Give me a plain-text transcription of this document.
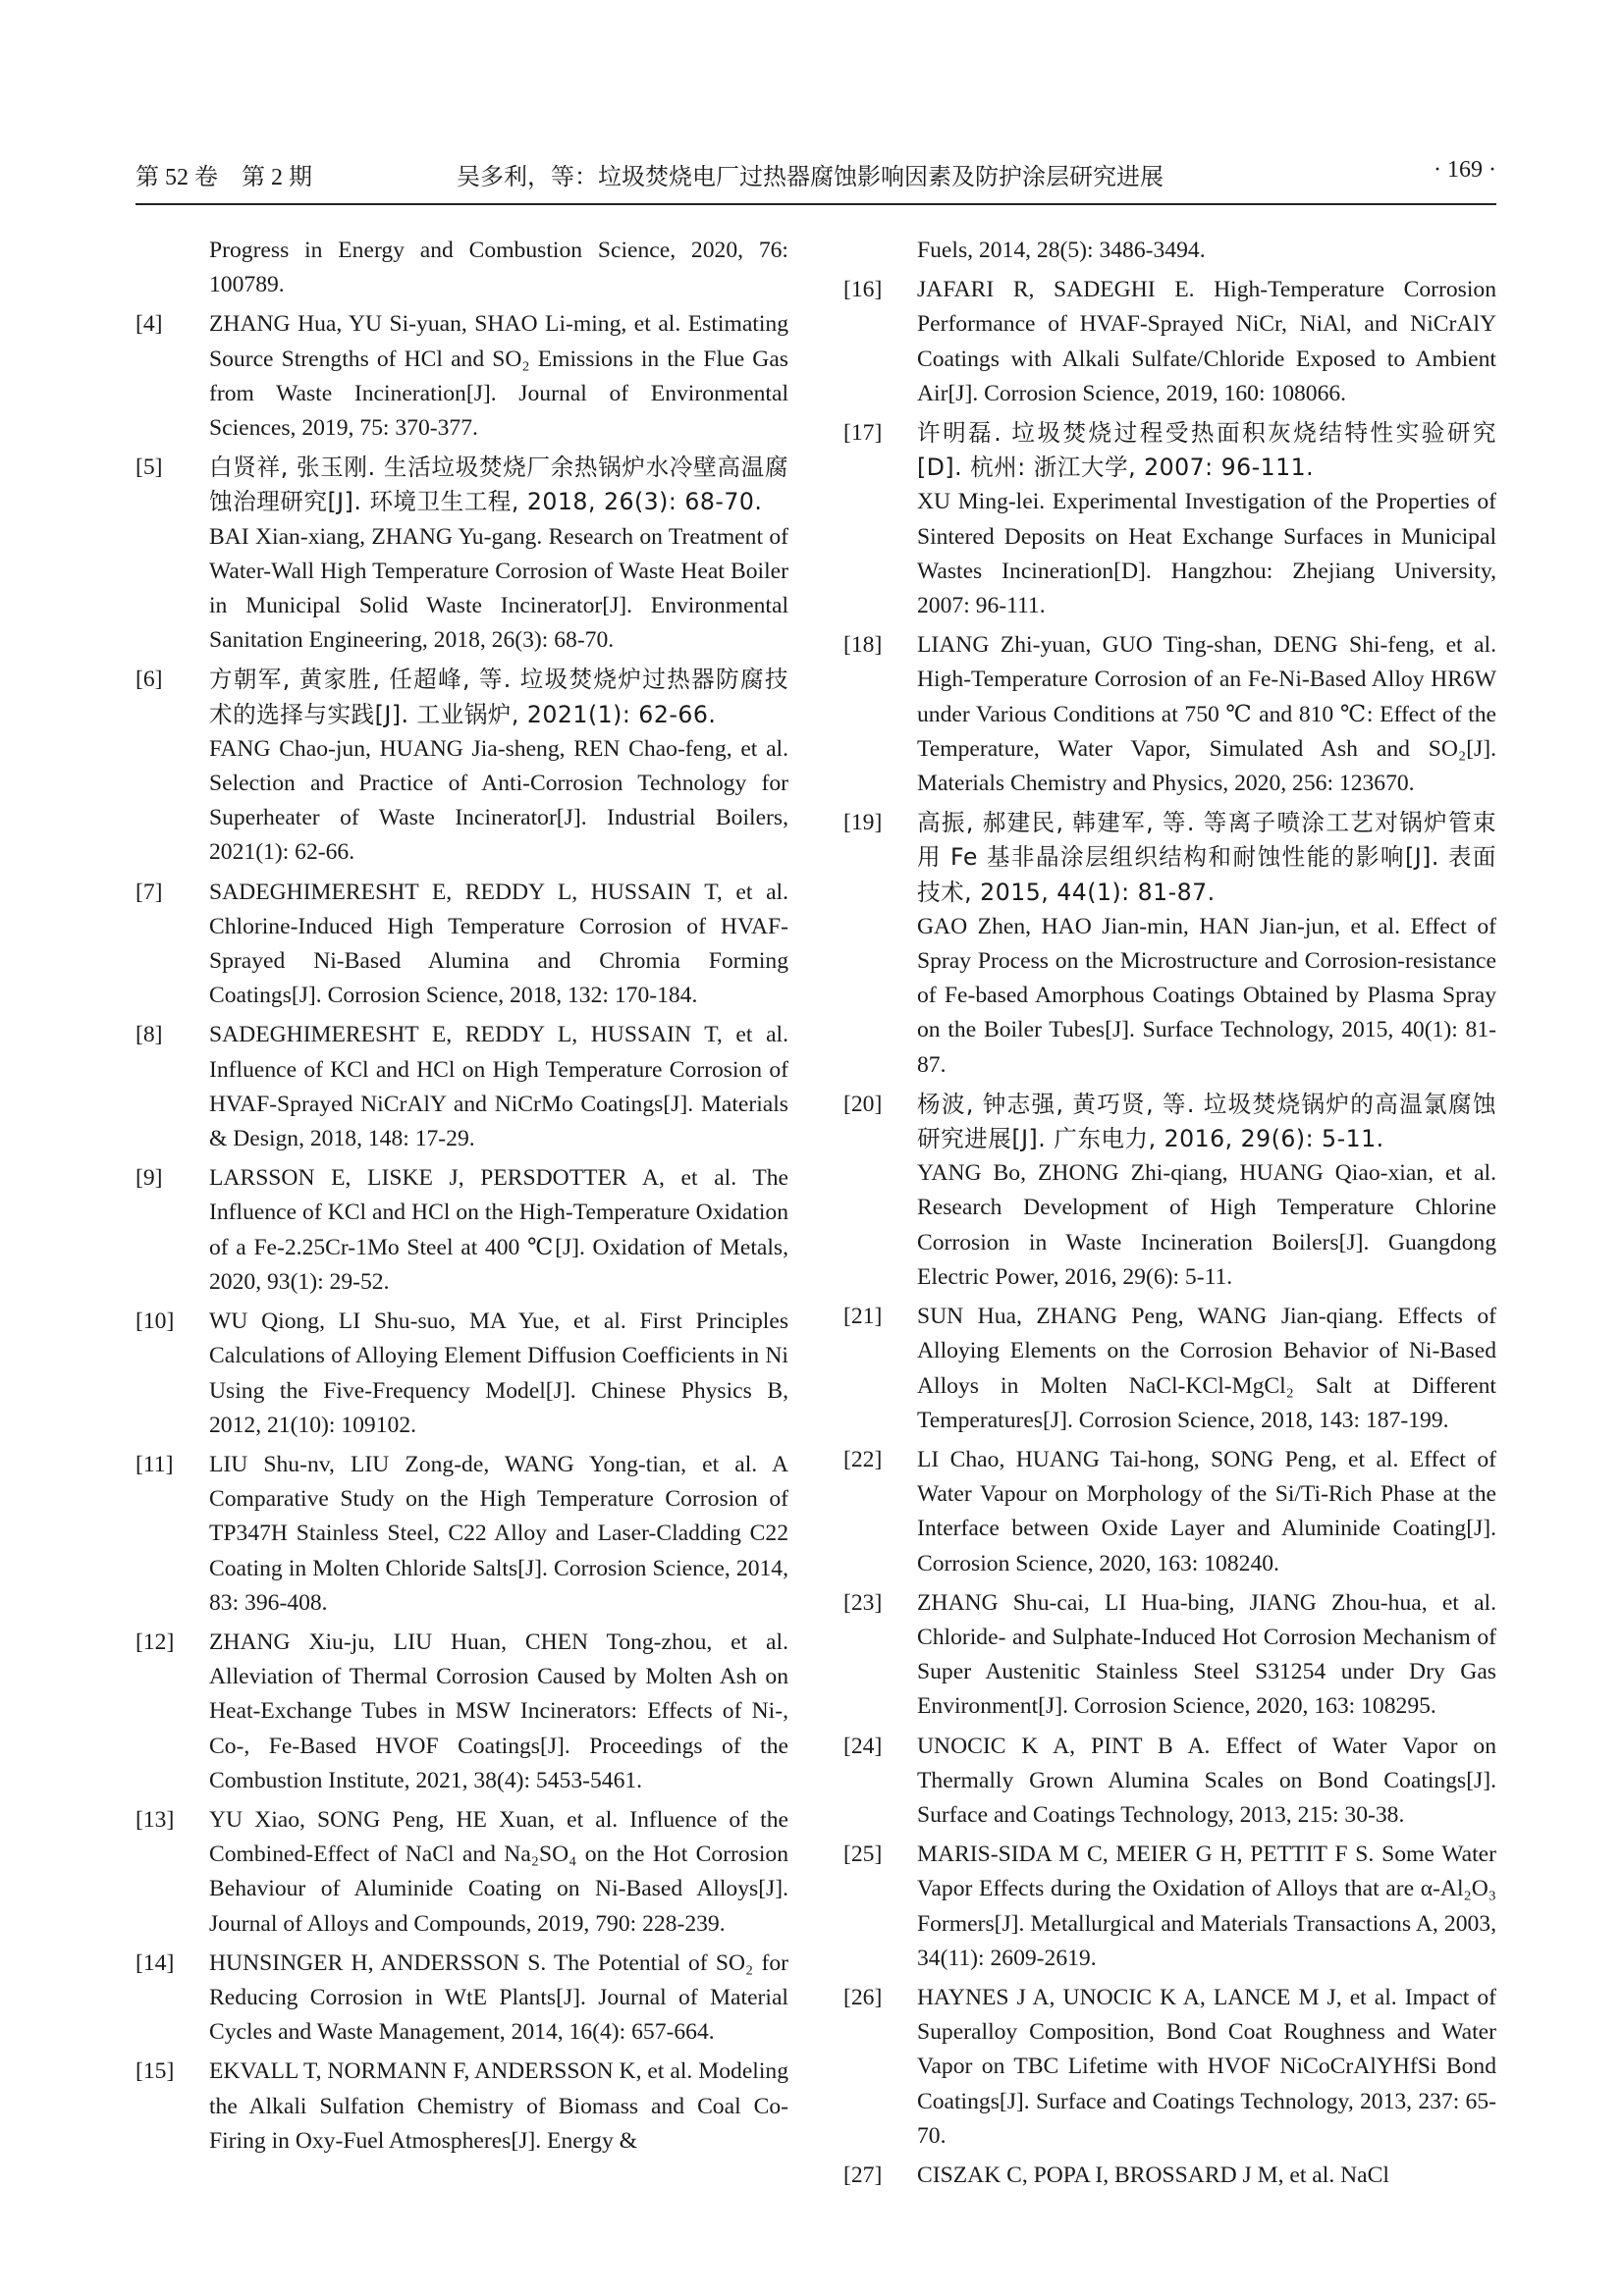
第 52 卷　第 2 期	吴多利，等：垃圾焚烧电厂过热器腐蚀影响因素及防护涂层研究进展	· 169 ·
Progress in Energy and Combustion Science, 2020, 76: 100789.
[4]	ZHANG Hua, YU Si-yuan, SHAO Li-ming, et al. Estimating Source Strengths of HCl and SO₂ Emissions in the Flue Gas from Waste Incineration[J]. Journal of Environmental Sciences, 2019, 75: 370-377.
[5]	白贤祥, 张玉刚. 生活垃圾焚烧厂余热锅炉水冷壁高温腐蚀治理研究[J]. 环境卫生工程, 2018, 26(3): 68-70.
BAI Xian-xiang, ZHANG Yu-gang. Research on Treatment of Water-Wall High Temperature Corrosion of Waste Heat Boiler in Municipal Solid Waste Incinerator[J]. Environmental Sanitation Engineering, 2018, 26(3): 68-70.
[6]	方朝军, 黄家胜, 任超峰, 等. 垃圾焚烧炉过热器防腐技术的选择与实践[J]. 工业锅炉, 2021(1): 62-66.
FANG Chao-jun, HUANG Jia-sheng, REN Chao-feng, et al. Selection and Practice of Anti-Corrosion Technology for Superheater of Waste Incinerator[J]. Industrial Boilers, 2021(1): 62-66.
[7]	SADEGHIMERESHT E, REDDY L, HUSSAIN T, et al. Chlorine-Induced High Temperature Corrosion of HVAF-Sprayed Ni-Based Alumina and Chromia Forming Coatings[J]. Corrosion Science, 2018, 132: 170-184.
[8]	SADEGHIMERESHT E, REDDY L, HUSSAIN T, et al. Influence of KCl and HCl on High Temperature Corrosion of HVAF-Sprayed NiCrAlY and NiCrMo Coatings[J]. Materials & Design, 2018, 148: 17-29.
[9]	LARSSON E, LISKE J, PERSDOTTER A, et al. The Influence of KCl and HCl on the High-Temperature Oxidation of a Fe-2.25Cr-1Mo Steel at 400 ℃[J]. Oxidation of Metals, 2020, 93(1): 29-52.
[10]	WU Qiong, LI Shu-suo, MA Yue, et al. First Principles Calculations of Alloying Element Diffusion Coefficients in Ni Using the Five-Frequency Model[J]. Chinese Physics B, 2012, 21(10): 109102.
[11]	LIU Shu-nv, LIU Zong-de, WANG Yong-tian, et al. A Comparative Study on the High Temperature Corrosion of TP347H Stainless Steel, C22 Alloy and Laser-Cladding C22 Coating in Molten Chloride Salts[J]. Corrosion Science, 2014, 83: 396-408.
[12]	ZHANG Xiu-ju, LIU Huan, CHEN Tong-zhou, et al. Alleviation of Thermal Corrosion Caused by Molten Ash on Heat-Exchange Tubes in MSW Incinerators: Effects of Ni-, Co-, Fe-Based HVOF Coatings[J]. Proceedings of the Combustion Institute, 2021, 38(4): 5453-5461.
[13]	YU Xiao, SONG Peng, HE Xuan, et al. Influence of the Combined-Effect of NaCl and Na₂SO₄ on the Hot Corrosion Behaviour of Aluminide Coating on Ni-Based Alloys[J]. Journal of Alloys and Compounds, 2019, 790: 228-239.
[14]	HUNSINGER H, ANDERSSON S. The Potential of SO₂ for Reducing Corrosion in WtE Plants[J]. Journal of Material Cycles and Waste Management, 2014, 16(4): 657-664.
[15]	EKVALL T, NORMANN F, ANDERSSON K, et al. Modeling the Alkali Sulfation Chemistry of Biomass and Coal Co-Firing in Oxy-Fuel Atmospheres[J]. Energy &
Fuels, 2014, 28(5): 3486-3494.
[16]	JAFARI R, SADEGHI E. High-Temperature Corrosion Performance of HVAF-Sprayed NiCr, NiAl, and NiCrAlY Coatings with Alkali Sulfate/Chloride Exposed to Ambient Air[J]. Corrosion Science, 2019, 160: 108066.
[17]	许明磊. 垃圾焚烧过程受热面积灰烧结特性实验研究[D]. 杭州: 浙江大学, 2007: 96-111.
XU Ming-lei. Experimental Investigation of the Properties of Sintered Deposits on Heat Exchange Surfaces in Municipal Wastes Incineration[D]. Hangzhou: Zhejiang University, 2007: 96-111.
[18]	LIANG Zhi-yuan, GUO Ting-shan, DENG Shi-feng, et al. High-Temperature Corrosion of an Fe-Ni-Based Alloy HR6W under Various Conditions at 750 ℃ and 810 ℃: Effect of the Temperature, Water Vapor, Simulated Ash and SO₂[J]. Materials Chemistry and Physics, 2020, 256: 123670.
[19]	高振, 郝建民, 韩建军, 等. 等离子喷涂工艺对锅炉管束用 Fe 基非晶涂层组织结构和耐蚀性能的影响[J]. 表面技术, 2015, 44(1): 81-87.
GAO Zhen, HAO Jian-min, HAN Jian-jun, et al. Effect of Spray Process on the Microstructure and Corrosion-resistance of Fe-based Amorphous Coatings Obtained by Plasma Spray on the Boiler Tubes[J]. Surface Technology, 2015, 40(1): 81-87.
[20]	杨波, 钟志强, 黄巧贤, 等. 垃圾焚烧锅炉的高温氯腐蚀研究进展[J]. 广东电力, 2016, 29(6): 5-11.
YANG Bo, ZHONG Zhi-qiang, HUANG Qiao-xian, et al. Research Development of High Temperature Chlorine Corrosion in Waste Incineration Boilers[J]. Guangdong Electric Power, 2016, 29(6): 5-11.
[21]	SUN Hua, ZHANG Peng, WANG Jian-qiang. Effects of Alloying Elements on the Corrosion Behavior of Ni-Based Alloys in Molten NaCl-KCl-MgCl₂ Salt at Different Temperatures[J]. Corrosion Science, 2018, 143: 187-199.
[22]	LI Chao, HUANG Tai-hong, SONG Peng, et al. Effect of Water Vapour on Morphology of the Si/Ti-Rich Phase at the Interface between Oxide Layer and Aluminide Coating[J]. Corrosion Science, 2020, 163: 108240.
[23]	ZHANG Shu-cai, LI Hua-bing, JIANG Zhou-hua, et al. Chloride- and Sulphate-Induced Hot Corrosion Mechanism of Super Austenitic Stainless Steel S31254 under Dry Gas Environment[J]. Corrosion Science, 2020, 163: 108295.
[24]	UNOCIC K A, PINT B A. Effect of Water Vapor on Thermally Grown Alumina Scales on Bond Coatings[J]. Surface and Coatings Technology, 2013, 215: 30-38.
[25]	MARIS-SIDA M C, MEIER G H, PETTIT F S. Some Water Vapor Effects during the Oxidation of Alloys that are α-Al₂O₃ Formers[J]. Metallurgical and Materials Transactions A, 2003, 34(11): 2609-2619.
[26]	HAYNES J A, UNOCIC K A, LANCE M J, et al. Impact of Superalloy Composition, Bond Coat Roughness and Water Vapor on TBC Lifetime with HVOF NiCoCrAlYHfSi Bond Coatings[J]. Surface and Coatings Technology, 2013, 237: 65-70.
[27]	CISZAK C, POPA I, BROSSARD J M, et al. NaCl
